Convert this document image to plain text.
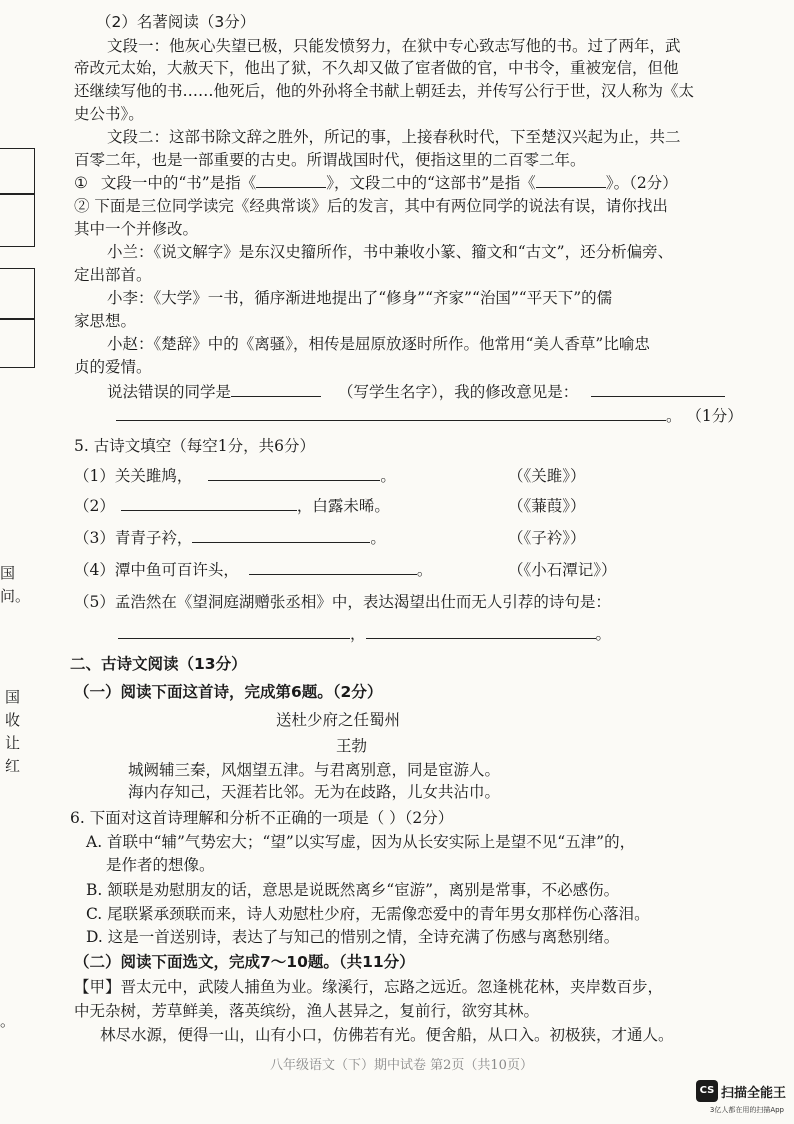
国
问。
国
收
让
红
。
（2）名著阅读（3分）
文段一：他灰心失望已极，只能发愤努力，在狱中专心致志写他的书。过了两年，武
帝改元太始，大赦天下，他出了狱，不久却又做了宦者做的官，中书令，重被宠信，但他
还继续写他的书……他死后，他的外孙将全书献上朝廷去，并传写公行于世，汉人称为《太
史公书》。
文段二：这部书除文辞之胜外，所记的事，上接春秋时代，下至楚汉兴起为止，共二
百零二年，也是一部重要的古史。所谓战国时代，便指这里的二百零二年。
① 文段一中的“书”是指《	》，文段二中的“这部书”是指《	》。（2分）
② 下面是三位同学读完《经典常谈》后的发言，其中有两位同学的说法有误，请你找出
其中一个并修改。
小兰：《说文解字》是东汉史籀所作，书中兼收小篆、籀文和“古文”，还分析偏旁、
定出部首。
小李：《大学》一书，循序渐进地提出了“修身”“齐家”“治国”“平天下”的儒
家思想。
小赵：《楚辞》中的《离骚》，相传是屈原放逐时所作。他常用“美人香草”比喻忠
贞的爱情。
说法错误的同学是	（写学生名字），我的修改意见是：
。 （1分）
5. 古诗文填空（每空1分，共6分）
（1）关关雎鸠，	。	（《关雎》）
（2）	，白露未晞。	（《蒹葭》）
（3）青青子衿，	。	（《子衿》）
（4）潭中鱼可百许头，	。	（《小石潭记》）
（5）孟浩然在《望洞庭湖赠张丞相》中，表达渴望出仕而无人引荐的诗句是：
，	。
二、古诗文阅读（13分）
（一）阅读下面这首诗，完成第6题。（2分）
送杜少府之任蜀州
王勃
城阙辅三秦，风烟望五津。与君离别意，同是宦游人。
海内存知己，天涯若比邻。无为在歧路，儿女共沾巾。
6. 下面对这首诗理解和分析不正确的一项是（ ）（2分）
A. 首联中“辅”气势宏大；“望”以实写虚，因为从长安实际上是望不见“五津”的，
是作者的想像。
B. 颔联是劝慰朋友的话，意思是说既然离乡“宦游”，离别是常事，不必感伤。
C. 尾联紧承颈联而来，诗人劝慰杜少府，无需像恋爱中的青年男女那样伤心落泪。
D. 这是一首送别诗，表达了与知己的惜别之情，全诗充满了伤感与离愁别绪。
（二）阅读下面选文，完成7～10题。（共11分）
【甲】晋太元中，武陵人捕鱼为业。缘溪行，忘路之远近。忽逢桃花林，夹岸数百步，
中无杂树，芳草鲜美，落英缤纷，渔人甚异之，复前行，欲穷其林。
林尽水源，便得一山，山有小口，仿佛若有光。便舍船，从口入。初极狭，才通人。
八年级语文（下）期中试卷 第2页（共10页）
CS 扫描全能王
3亿人都在用的扫描App
